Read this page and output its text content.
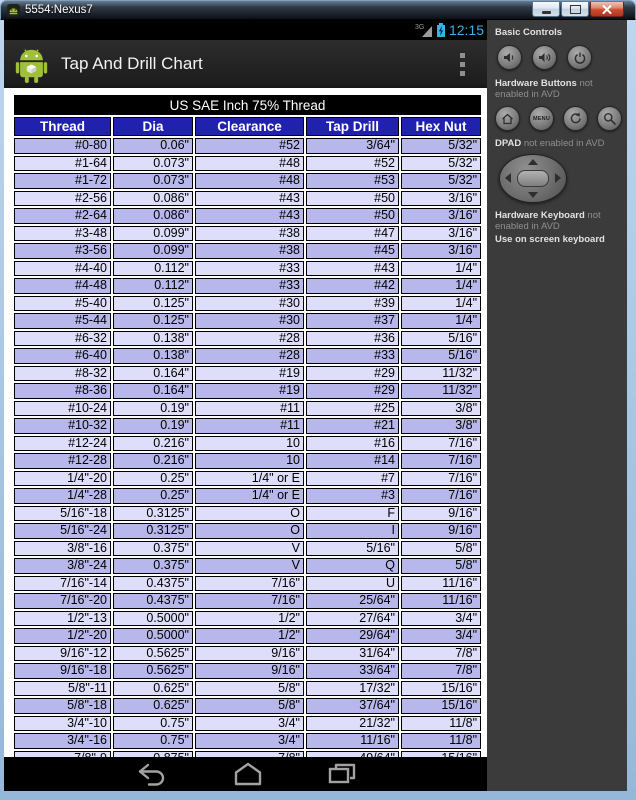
5554:Nexus7
3G 12:15
Tap And Drill Chart
US SAE Inch 75% Thread				
Thread	Dia	Clearance	Tap Drill	Hex Nut
#0-80	0.06"	#52	3/64"	5/32"
#1-64	0.073"	#48	#52	5/32"
#1-72	0.073"	#48	#53	5/32"
#2-56	0.086"	#43	#50	3/16"
#2-64	0.086"	#43	#50	3/16"
#3-48	0.099"	#38	#47	3/16"
#3-56	0.099"	#38	#45	3/16"
#4-40	0.112"	#33	#43	1/4"
#4-48	0.112"	#33	#42	1/4"
#5-40	0.125"	#30	#39	1/4"
#5-44	0.125"	#30	#37	1/4"
#6-32	0.138"	#28	#36	5/16"
#6-40	0.138"	#28	#33	5/16"
#8-32	0.164"	#19	#29	11/32"
#8-36	0.164"	#19	#29	11/32"
#10-24	0.19"	#11	#25	3/8"
#10-32	0.19"	#11	#21	3/8"
#12-24	0.216"	10	#16	7/16"
#12-28	0.216"	10	#14	7/16"
1/4"-20	0.25"	1/4" or E	#7	7/16"
1/4"-28	0.25"	1/4" or E	#3	7/16"
5/16"-18	0.3125"	O	F	9/16"
5/16"-24	0.3125"	O	I	9/16"
3/8"-16	0.375"	V	5/16"	5/8"
3/8"-24	0.375"	V	Q	5/8"
7/16"-14	0.4375"	7/16"	U	11/16"
7/16"-20	0.4375"	7/16"	25/64"	11/16"
1/2"-13	0.5000"	1/2"	27/64"	3/4"
1/2"-20	0.5000"	1/2"	29/64"	3/4"
9/16"-12	0.5625"	9/16"	31/64"	7/8"
9/16"-18	0.5625"	9/16"	33/64"	7/8"
5/8"-11	0.625"	5/8"	17/32"	15/16"
5/8"-18	0.625"	5/8"	37/64"	15/16"
3/4"-10	0.75"	3/4"	21/32"	11/8"
3/4"-16	0.75"	3/4"	11/16"	11/8"

Basic Controls
Hardware Buttons not enabled in AVD
MENU
DPAD not enabled in AVD
Hardware Keyboard not enabled in AVD
Use on screen keyboard
